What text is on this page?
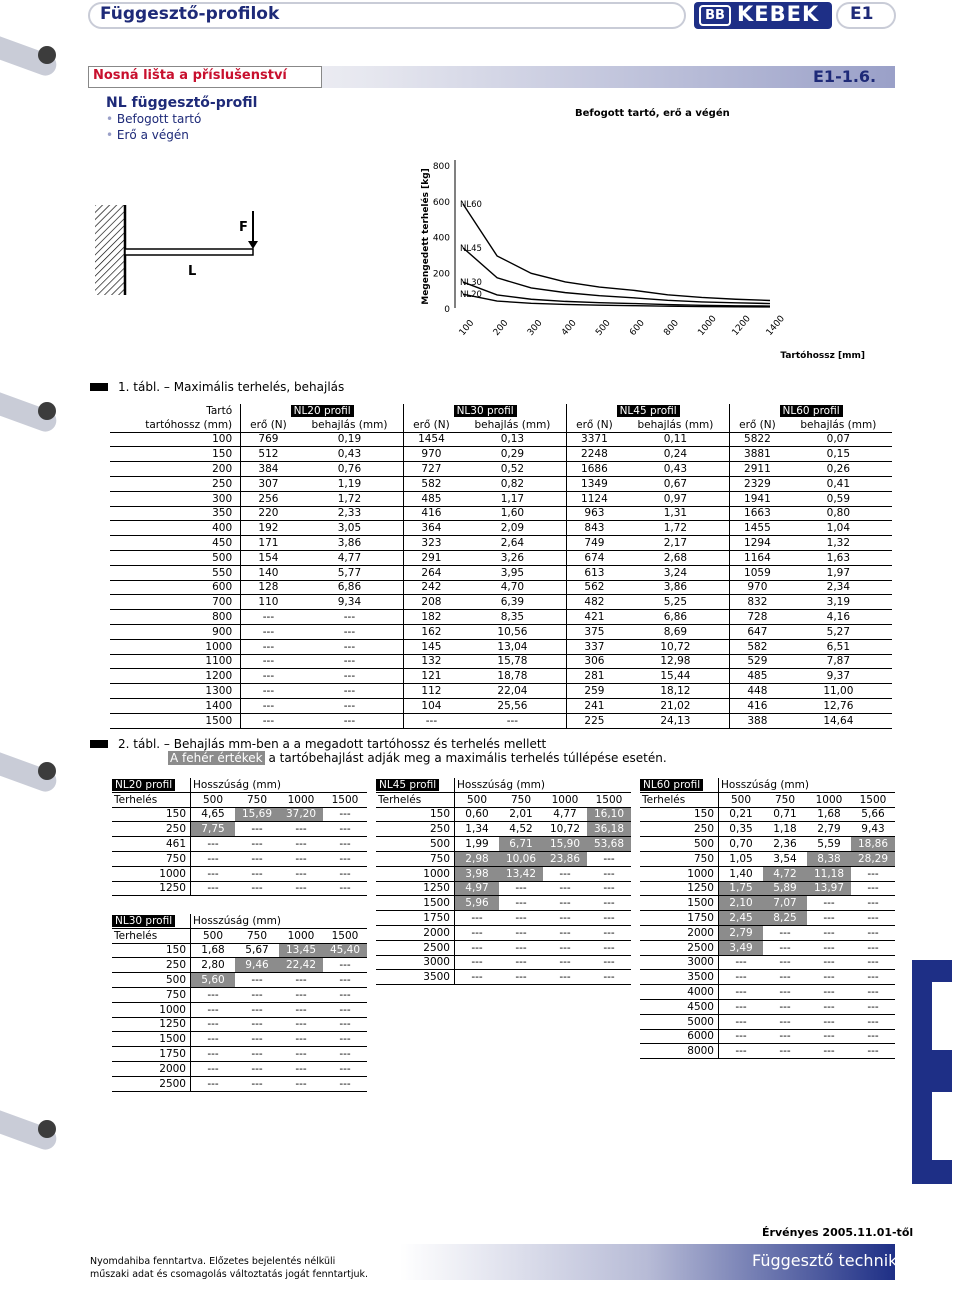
Függesztő-profilok	BB KEBEK E1
Nosná lišta a příslušenství	E1-1.6.
NL függesztő-profil
• Befogott tartó
• Erő a végén
F
L
Befogott tartó, erő a végén
0
200
400
600
800
100 200 300 400 500 600 800 1000 1200 1400
Megengedett terhelés [kg]
Tartóhossz [mm]
NL60
NL45
NL30
NL20
1. tábl. – Maximális terhelés, behajlás
Tartó	NL20 profil		NL30 profil		NL45 profil		NL60 profil	
tartóhossz (mm)	erő (N)	behajlás (mm)	erő (N)	behajlás (mm)	erő (N)	behajlás (mm)	erő (N)	behajlás (mm)
100	769	0,19	1454	0,13	3371	0,11	5822	0,07
150	512	0,43	970	0,29	2248	0,24	3881	0,15
200	384	0,76	727	0,52	1686	0,43	2911	0,26
250	307	1,19	582	0,82	1349	0,67	2329	0,41
300	256	1,72	485	1,17	1124	0,97	1941	0,59
350	220	2,33	416	1,60	963	1,31	1663	0,80
400	192	3,05	364	2,09	843	1,72	1455	1,04
450	171	3,86	323	2,64	749	2,17	1294	1,32
500	154	4,77	291	3,26	674	2,68	1164	1,63
550	140	5,77	264	3,95	613	3,24	1059	1,97
600	128	6,86	242	4,70	562	3,86	970	2,34
700	110	9,34	208	6,39	482	5,25	832	3,19
800	---	---	182	8,35	421	6,86	728	4,16
900	---	---	162	10,56	375	8,69	647	5,27
1000	---	---	145	13,04	337	10,72	582	6,51
1100	---	---	132	15,78	306	12,98	529	7,87
1200	---	---	121	18,78	281	15,44	485	9,37
1300	---	---	112	22,04	259	18,12	448	11,00
1400	---	---	104	25,56	241	21,02	416	12,76
1500	---	---	---	---	225	24,13	388	14,64
2. tábl. – Behajlás mm-ben a a megadott tartóhossz és terhelés mellett
A fehér értékek a tartóbehajlást adják meg a maximális terhelés túllépése esetén.
NL20 profil	Hosszúság (mm)			
Terhelés	500	750	1000	1500
150	4,65	15,69	37,20	---
250	7,75	---	---	---
461	---	---	---	---
750	---	---	---	---
1000	---	---	---	---
1250	---	---	---	---
NL30 profil	Hosszúság (mm)			
Terhelés	500	750	1000	1500
150	1,68	5,67	13,45	45,40
250	2,80	9,46	22,42	---
500	5,60	---	---	---
750	---	---	---	---
1000	---	---	---	---
1250	---	---	---	---
1500	---	---	---	---
1750	---	---	---	---
2000	---	---	---	---
2500	---	---	---	---
NL45 profil	Hosszúság (mm)			
Terhelés	500	750	1000	1500
150	0,60	2,01	4,77	16,10
250	1,34	4,52	10,72	36,18
500	1,99	6,71	15,90	53,68
750	2,98	10,06	23,86	---
1000	3,98	13,42	---	---
1250	4,97	---	---	---
1500	5,96	---	---	---
1750	---	---	---	---
2000	---	---	---	---
2500	---	---	---	---
3000	---	---	---	---
3500	---	---	---	---
NL60 profil	Hosszúság (mm)			
Terhelés	500	750	1000	1500
150	0,21	0,71	1,68	5,66
250	0,35	1,18	2,79	9,43
500	0,70	2,36	5,59	18,86
750	1,05	3,54	8,38	28,29
1000	1,40	4,72	11,18	---
1250	1,75	5,89	13,97	---
1500	2,10	7,07	---	---
1750	2,45	8,25	---	---
2000	2,79	---	---	---
2500	3,49	---	---	---
3000	---	---	---	---
3500	---	---	---	---
4000	---	---	---	---
4500	---	---	---	---
5000	---	---	---	---
6000	---	---	---	---
8000	---	---	---	---
Érvényes 2005.11.01-től
Nyomdahiba fenntartva. Előzetes bejelentés nélküli
műszaki adat és csomagolás változtatás jogát fenntartjuk.
Függesztő technika
